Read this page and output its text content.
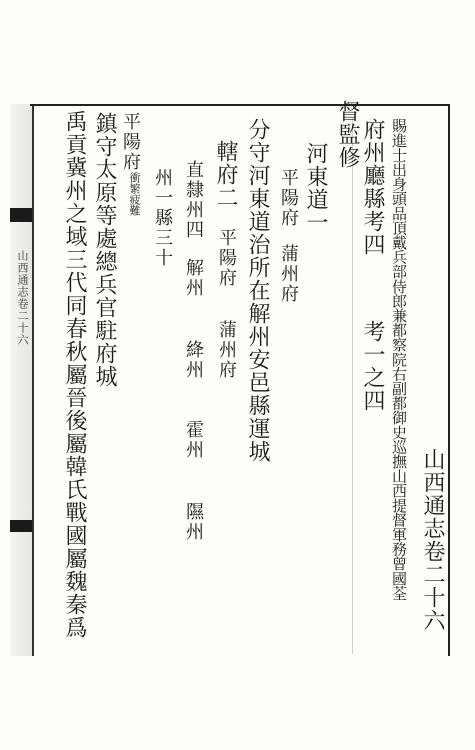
山西通志卷二十六
山西通志卷二十六
賜進士出身頭品頂戴兵部侍郎兼都察院右副都御史巡撫山西提督軍務曾國荃
府州廳縣考四
考一之四
督監修
河東道一
平陽府
蒲州府
分守河東道治所在解州安邑縣運城
轄府二
平陽府
蒲州府
直隸州四
解州
絳州
霍州
隰州
州一縣三十
平陽府
衝繁疲難
鎮守太原等處總兵官駐府城
禹貢冀州之域三代同春秋屬晉後屬韓氏戰國屬魏秦爲
